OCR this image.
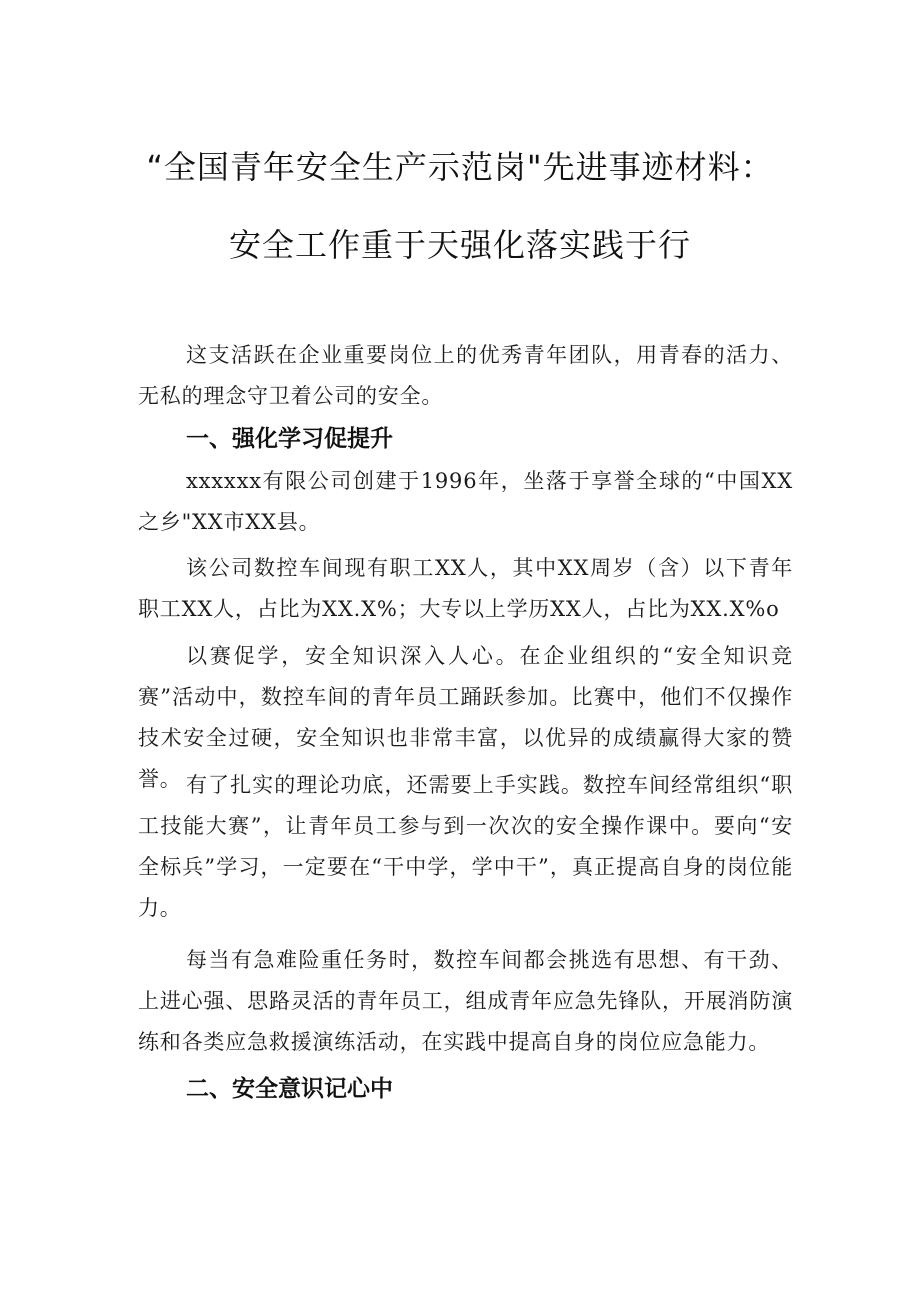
“全国青年安全生产示范岗"先进事迹材料：
安全工作重于天强化落实践于行
这支活跃在企业重要岗位上的优秀青年团队，用青春的活力、无私的理念守卫着公司的安全。
一、强化学习促提升
xxxxxx有限公司创建于1996年，坐落于享誉全球的“中国XX之乡"XX市XX县。
该公司数控车间现有职工XX人，其中XX周岁（含）以下青年职工XX人，占比为XX.X%；大专以上学历XX人，占比为XX.X%o
以赛促学，安全知识深入人心。在企业组织的“安全知识竞赛”活动中，数控车间的青年员工踊跃参加。比赛中，他们不仅操作技术安全过硬，安全知识也非常丰富，以优异的成绩赢得大家的赞誉。 有了扎实的理论功底，还需要上手实践。数控车间经常组织“职工技能大赛”，让青年员工参与到一次次的安全操作课中。要向“安全标兵”学习，一定要在“干中学，学中干”，真正提高自身的岗位能力。
每当有急难险重任务时，数控车间都会挑选有思想、有干劲、上进心强、思路灵活的青年员工，组成青年应急先锋队，开展消防演练和各类应急救援演练活动，在实践中提高自身的岗位应急能力。
二、安全意识记心中
